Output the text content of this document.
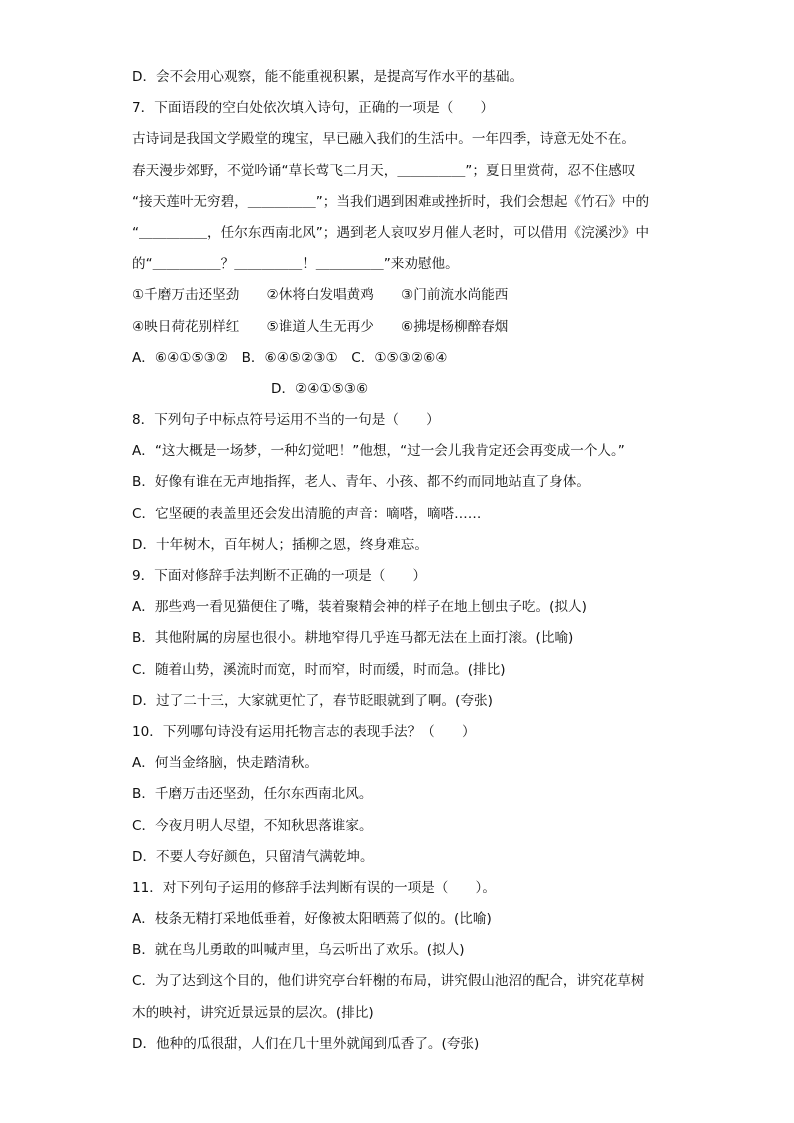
D．会不会用心观察，能不能重视积累，是提高写作水平的基础。
7．下面语段的空白处依次填入诗句，正确的一项是（　　）
古诗词是我国文学殿堂的瑰宝，早已融入我们的生活中。一年四季，诗意无处不在。
春天漫步郊野，不觉吟诵“草长莺飞二月天，＿＿＿＿＿”；夏日里赏荷，忍不住感叹
“接天莲叶无穷碧，＿＿＿＿＿”；当我们遇到困难或挫折时，我们会想起《竹石》中的
“＿＿＿＿＿，任尔东西南北风”；遇到老人哀叹岁月催人老时，可以借用《浣溪沙》中
的“＿＿＿＿＿？＿＿＿＿＿！＿＿＿＿＿”来劝慰他。
①千磨万击还坚劲　　②休将白发唱黄鸡　　③门前流水尚能西
④映日荷花别样红　　⑤谁道人生无再少　　⑥拂堤杨柳醉春烟
A．⑥④①⑤③②　B．⑥④⑤②③①　C．①⑤③②⑥④
D．②④①⑤③⑥
8．下列句子中标点符号运用不当的一句是（　　）
A．“这大概是一场梦，一种幻觉吧！”他想，“过一会儿我肯定还会再变成一个人。”
B．好像有谁在无声地指挥，老人、青年、小孩、都不约而同地站直了身体。
C．它坚硬的表盖里还会发出清脆的声音：嘀嗒，嘀嗒……
D．十年树木，百年树人；插柳之恩，终身难忘。
9．下面对修辞手法判断不正确的一项是（　　）
A．那些鸡一看见猫便住了嘴，装着聚精会神的样子在地上刨虫子吃。(拟人)
B．其他附属的房屋也很小。耕地窄得几乎连马都无法在上面打滚。(比喻)
C．随着山势，溪流时而宽，时而窄，时而缓，时而急。(排比)
D．过了二十三，大家就更忙了，春节眨眼就到了啊。(夸张)
10．下列哪句诗没有运用托物言志的表现手法？（　　）
A．何当金络脑，快走踏清秋。
B．千磨万击还坚劲，任尔东西南北风。
C．今夜月明人尽望，不知秋思落谁家。
D．不要人夸好颜色，只留清气满乾坤。
11．对下列句子运用的修辞手法判断有误的一项是（　　）。
A．枝条无精打采地低垂着，好像被太阳晒蔫了似的。(比喻)
B．就在鸟儿勇敢的叫喊声里，乌云听出了欢乐。(拟人)
C．为了达到这个目的，他们讲究亭台轩榭的布局，讲究假山池沼的配合，讲究花草树
木的映衬，讲究近景远景的层次。(排比)
D．他种的瓜很甜，人们在几十里外就闻到瓜香了。(夸张)
